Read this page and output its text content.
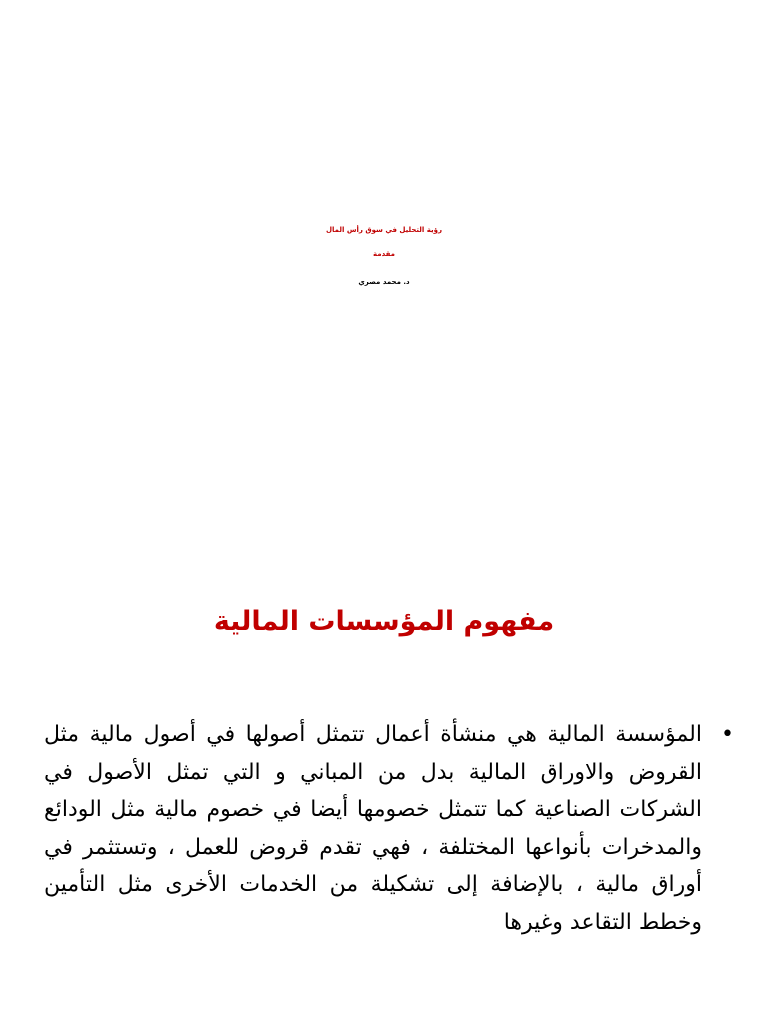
رؤية التحليل في سوق رأس المال
مقدمة
د. محمد مصري
مفهوم المؤسسات المالية
•
المؤسسة المالية هي منشأة أعمال تتمثل أصولها في أصول مالية مثل القروض والاوراق المالية بدل من المباني و التي تمثل الأصول في الشركات الصناعية كما تتمثل خصومها أيضا في خصوم مالية مثل الودائع والمدخرات بأنواعها المختلفة ، فهي تقدم قروض للعمل ، وتستثمر في أوراق مالية ، بالإضافة إلى تشكيلة من الخدمات الأخرى مثل التأمين وخطط التقاعد وغيرها
